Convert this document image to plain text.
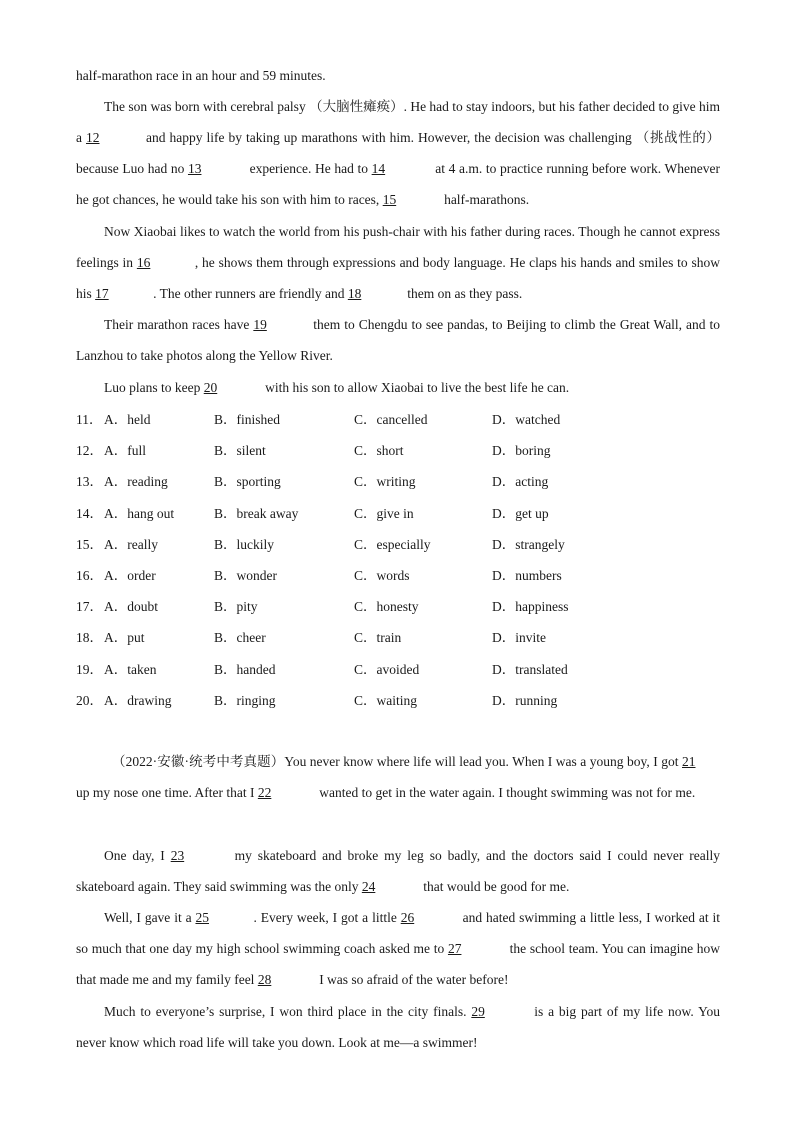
half-marathon race in an hour and 59 minutes.
The son was born with cerebral palsy （大脑性瘫痪）. He had to stay indoors, but his father decided to give him a 12	and happy life by taking up marathons with him. However, the decision was challenging （挑战性的） because Luo had no 13	experience. He had to 14	at 4 a.m. to practice running before work. Whenever he got chances, he would take his son with him to races, 15	half-marathons.
Now Xiaobai likes to watch the world from his push-chair with his father during races. Though he cannot express feelings in 16	, he shows them through expressions and body language. He claps his hands and smiles to show his 17	. The other runners are friendly and 18	them on as they pass.
Their marathon races have 19	them to Chengdu to see pandas, to Beijing to climb the Great Wall, and to Lanzhou to take photos along the Yellow River.
Luo plans to keep 20	with his son to allow Xiaobai to live the best life he can.
11． A．held	B．finished	C．cancelled	D．watched
12． A．full	B．silent	C．short	D．boring
13． A．reading	B．sporting	C．writing	D．acting
14． A．hang out	B．break away	C．give in	D．get up
15． A．really	B．luckily	C．especially	D．strangely
16． A．order	B．wonder	C．words	D．numbers
17． A．doubt	B．pity	C．honesty	D．happiness
18． A．put	B．cheer	C．train	D．invite
19． A．taken	B．handed	C．avoided	D．translated
20． A．drawing	B．ringing	C．waiting	D．running
（2022·安徽·统考中考真题）You never know where life will lead you. When I was a young boy, I got 21 up my nose one time. After that I 22	wanted to get in the water again. I thought swimming was not for me.
One day, I 23	my skateboard and broke my leg so badly, and the doctors said I could never really skateboard again. They said swimming was the only 24	that would be good for me.
Well, I gave it a 25	. Every week, I got a little 26	and hated swimming a little less, I worked at it so much that one day my high school swimming coach asked me to 27	the school team. You can imagine how that made me and my family feel 28	I was so afraid of the water before!
Much to everyone’s surprise, I won third place in the city finals. 29	is a big part of my life now. You never know which road life will take you down. Look at me—a swimmer!
